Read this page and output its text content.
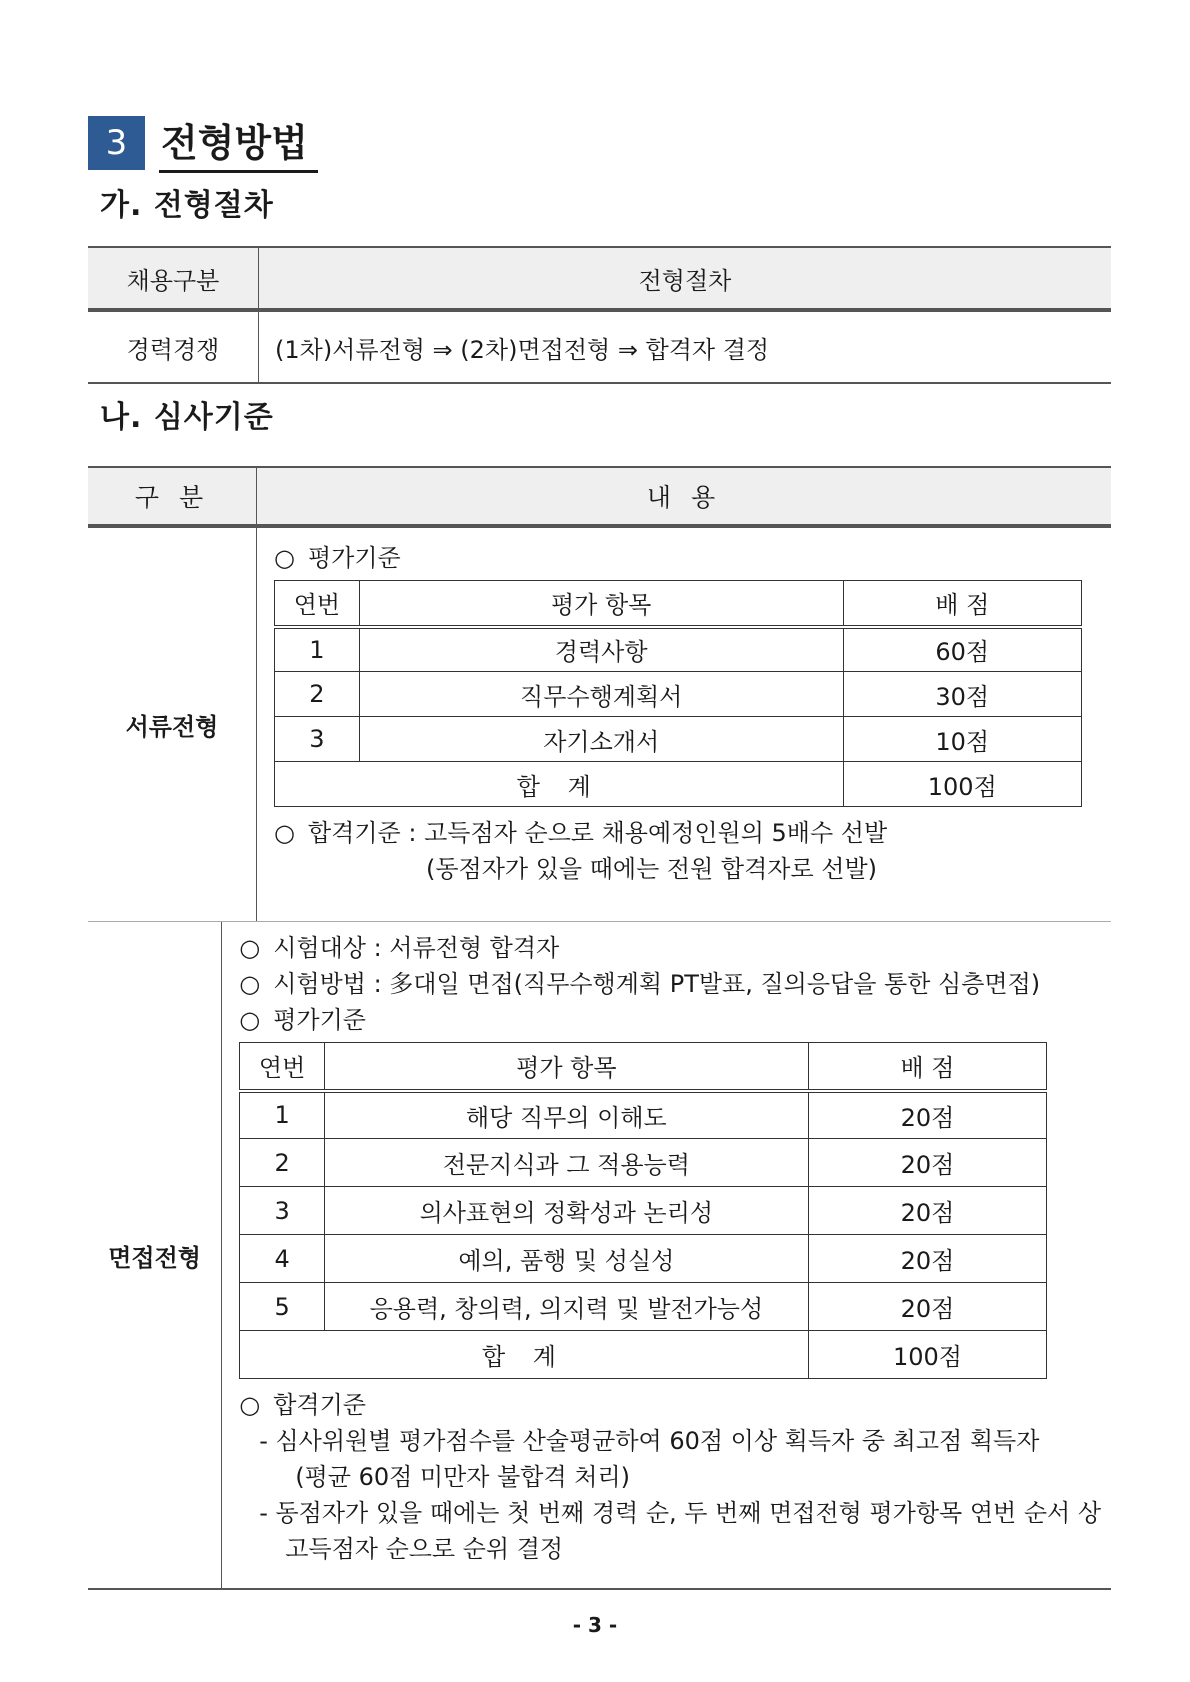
3 전형방법
가. 전형절차
채용구분	전형절차
경력경쟁	(1차)서류전형 ⇒ (2차)면접전형 ⇒ 합격자 결정
나. 심사기준
구 분	내 용
서류전형
○ 평가기준
연번	평가 항목	배 점
1	경력사항	60점
2	직무수행계획서	30점
3	자기소개서	10점
합 계		100점
○ 합격기준 : 고득점자 순으로 채용예정인원의 5배수 선발
(동점자가 있을 때에는 전원 합격자로 선발)
면접전형
○ 시험대상 : 서류전형 합격자
○ 시험방법 : 多대일 면접(직무수행계획 PT발표, 질의응답을 통한 심층면접)
○ 평가기준
연번	평가 항목	배 점
1	해당 직무의 이해도	20점
2	전문지식과 그 적용능력	20점
3	의사표현의 정확성과 논리성	20점
4	예의, 품행 및 성실성	20점
5	응용력, 창의력, 의지력 및 발전가능성	20점
합 계		100점
○ 합격기준
- 심사위원별 평가점수를 산술평균하여 60점 이상 획득자 중 최고점 획득자
(평균 60점 미만자 불합격 처리)
- 동점자가 있을 때에는 첫 번째 경력 순, 두 번째 면접전형 평가항목 연번 순서 상
고득점자 순으로 순위 결정
- 3 -
